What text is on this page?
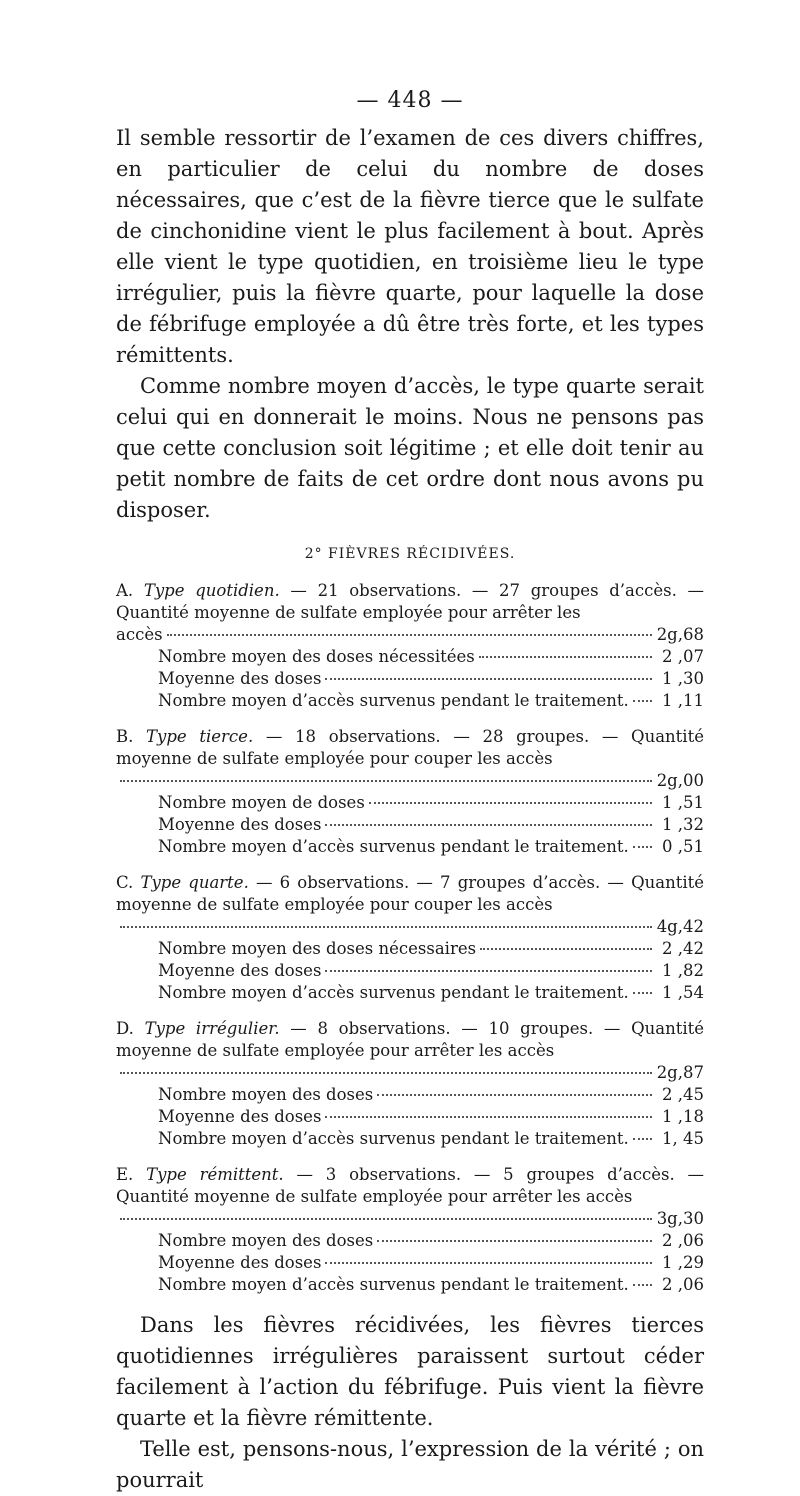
— 448 —

Il semble ressortir de l’examen de ces divers chiffres, en particulier de celui du nombre de doses nécessaires, que c’est de la fièvre tierce que le sulfate de cinchonidine vient le plus facilement à bout. Après elle vient le type quotidien, en troisième lieu le type irrégulier, puis la fièvre quarte, pour laquelle la dose de fébrifuge employée a dû être très forte, et les types rémittents.

Comme nombre moyen d’accès, le type quarte serait celui qui en donnerait le moins. Nous ne pensons pas que cette conclusion soit légitime ; et elle doit tenir au petit nombre de faits de cet ordre dont nous avons pu disposer.

2° FIÈVRES RÉCIDIVÉES.
A. Type quotidien. — 21 observations. — 27 groupes d’accès. — Quantité moyenne de sulfate employée pour arrêter les
accès	2g,68
Nombre moyen des doses nécessitées	2 ,07
Moyenne des doses	1 ,30
Nombre moyen d’accès survenus pendant le traitement.	1 ,11
B. Type tierce. — 18 observations. — 28 groupes. — Quantité moyenne de sulfate employée pour couper les accès
2g,00
Nombre moyen de doses	1 ,51
Moyenne des doses	1 ,32
Nombre moyen d’accès survenus pendant le traitement.	0 ,51
C. Type quarte. — 6 observations. — 7 groupes d’accès. — Quantité moyenne de sulfate employée pour couper les accès
4g,42
Nombre moyen des doses nécessaires	2 ,42
Moyenne des doses	1 ,82
Nombre moyen d’accès survenus pendant le traitement.	1 ,54
D. Type irrégulier. — 8 observations. — 10 groupes. — Quantité moyenne de sulfate employée pour arrêter les accès
2g,87
Nombre moyen des doses	2 ,45
Moyenne des doses	1 ,18
Nombre moyen d’accès survenus pendant le traitement.	1, 45
E. Type rémittent. — 3 observations. — 5 groupes d’accès. — Quantité moyenne de sulfate employée pour arrêter les accès
3g,30
Nombre moyen des doses	2 ,06
Moyenne des doses	1 ,29
Nombre moyen d’accès survenus pendant le traitement.	2 ,06

Dans les fièvres récidivées, les fièvres tierces quotidiennes irrégulières paraissent surtout céder facilement à l’action du fébrifuge. Puis vient la fièvre quarte et la fièvre rémittente.

Telle est, pensons-nous, l’expression de la vérité ; on pourrait
